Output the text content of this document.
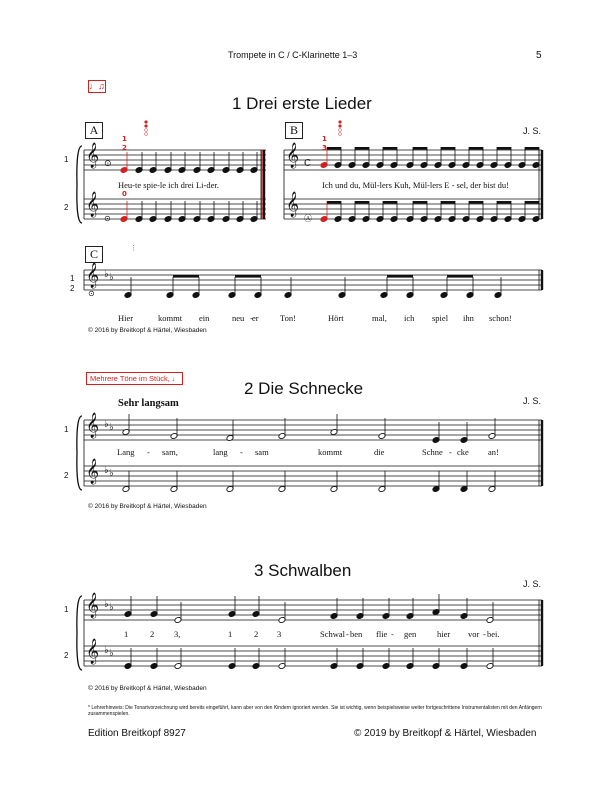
Trompete in C / C-Klarinette 1–3	5
♩♫
1 Drei erste Lieder
J. S.
A	B
C
1
2
1
2
Heu-te spie-le ich drei Li-der.	Ich und du, Mül-lers Kuh, Mül-lers E - sel, der bist du!
Hier	kommt ein	neu - er	Ton!	Hört	mal, ich spiel ihn schon!
© 2016 by Breitkopf & Härtel, Wiesbaden
Mehrere Töne im Stück, ♩
2 Die Schnecke
J. S.
Sehr langsam
1
2
Lang - sam,	lang - sam	kommt	die	Schne - cke an!
© 2016 by Breitkopf & Härtel, Wiesbaden
3 Schwalben
J. S.
1
2
1	2 3,	1	2 3	Schwal - ben flie - gen hier vor - bei.
© 2016 by Breitkopf & Härtel, Wiesbaden
* Lehrerhinweis: Die Tonartvorzeichnung wird bereits eingeführt, kann aber von den Kindern ignoriert werden. Sie ist wichtig, wenn beispielsweise weiter fortgeschrittene Instrumentalisten mit den Anfängern zusammenspielen.
Edition Breitkopf 8927	© 2019 by Breitkopf & Härtel, Wiesbaden
𝄞
𝄞
𝄞
𝄞
⊙	C
⊙	Ⓐ
1
2
0
1
3
𝄞 ♭ ♭
⊙
⋮
𝄞
𝄞
♭ ♭
♭ ♭
𝄞
𝄞
♭ ♭
♭ ♭
